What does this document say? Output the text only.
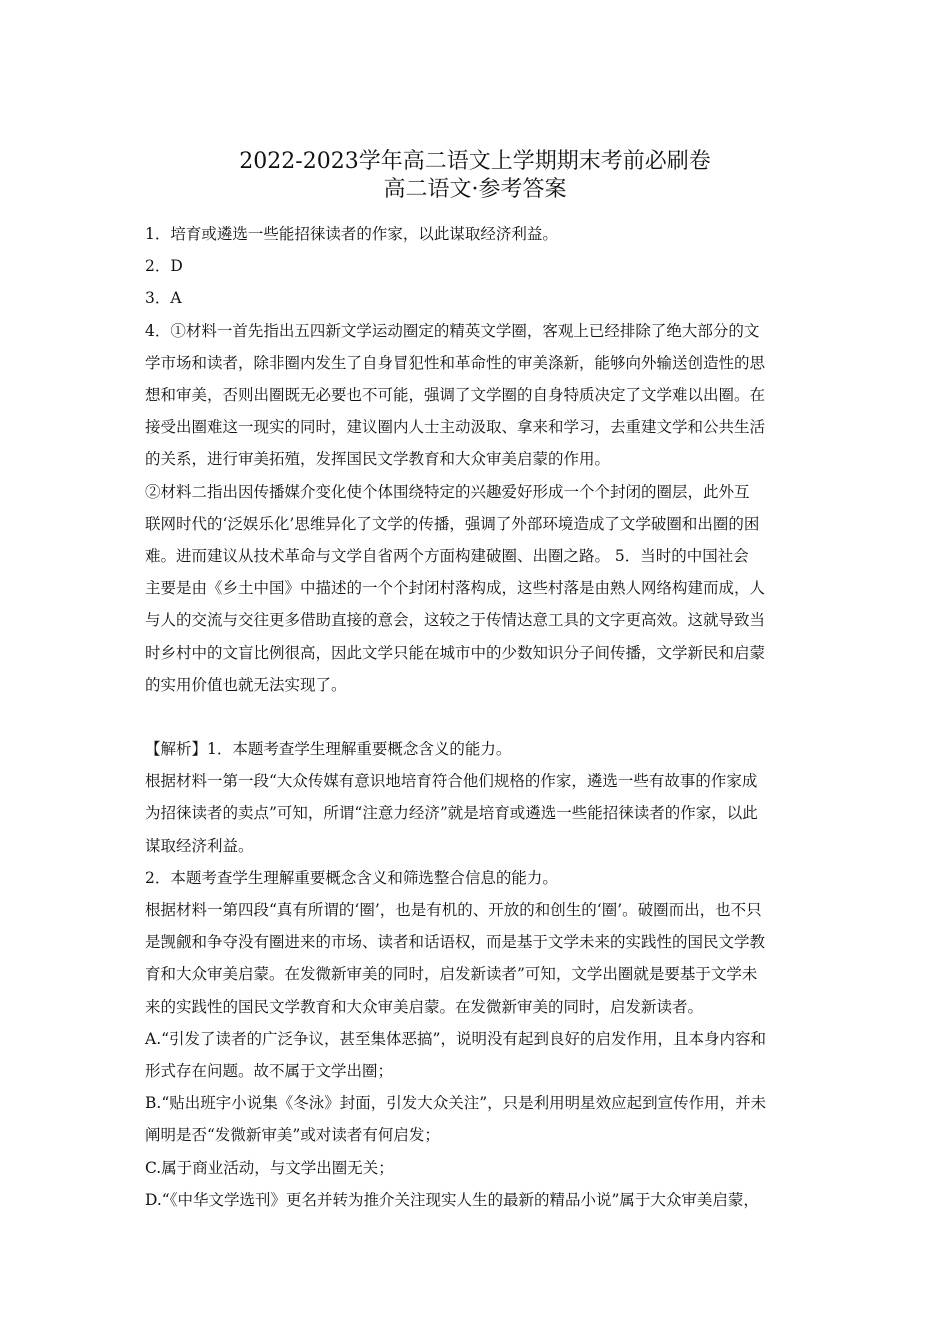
2022-2023学年高二语文上学期期末考前必刷卷
高二语文·参考答案

1．培育或遴选一些能招徕读者的作家，以此谋取经济利益。

2．D

3．A

4．①材料一首先指出五四新文学运动圈定的精英文学圈，客观上已经排除了绝大部分的文

学市场和读者，除非圈内发生了自身冒犯性和革命性的审美涤新，能够向外输送创造性的思

想和审美，否则出圈既无必要也不可能，强调了文学圈的自身特质决定了文学难以出圈。在

接受出圈难这一现实的同时，建议圈内人士主动汲取、拿来和学习，去重建文学和公共生活

的关系，进行审美拓殖，发挥国民文学教育和大众审美启蒙的作用。

②材料二指出因传播媒介变化使个体围绕特定的兴趣爱好形成一个个封闭的圈层，此外互

联网时代的‘泛娱乐化’思维异化了文学的传播，强调了外部环境造成了文学破圈和出圈的困

难。进而建议从技术革命与文学自省两个方面构建破圈、出圈之路。 5．当时的中国社会

主要是由《乡土中国》中描述的一个个封闭村落构成，这些村落是由熟人网络构建而成，人

与人的交流与交往更多借助直接的意会，这较之于传情达意工具的文字更高效。这就导致当

时乡村中的文盲比例很高，因此文学只能在城市中的少数知识分子间传播，文学新民和启蒙

的实用价值也就无法实现了。

【解析】1．本题考查学生理解重要概念含义的能力。

根据材料一第一段“大众传媒有意识地培育符合他们规格的作家，遴选一些有故事的作家成

为招徕读者的卖点”可知，所谓“注意力经济”就是培育或遴选一些能招徕读者的作家，以此

谋取经济利益。

2．本题考查学生理解重要概念含义和筛选整合信息的能力。

根据材料一第四段“真有所谓的‘圈’，也是有机的、开放的和创生的‘圈’。破圈而出，也不只

是觊觎和争夺没有圈进来的市场、读者和话语权，而是基于文学未来的实践性的国民文学教

育和大众审美启蒙。在发微新审美的同时，启发新读者”可知，文学出圈就是要基于文学未

来的实践性的国民文学教育和大众审美启蒙。在发微新审美的同时，启发新读者。

A.“引发了读者的广泛争议，甚至集体恶搞”，说明没有起到良好的启发作用，且本身内容和

形式存在问题。故不属于文学出圈；

B.“贴出班宇小说集《冬泳》封面，引发大众关注”，只是利用明星效应起到宣传作用，并未

阐明是否“发微新审美”或对读者有何启发；

C.属于商业活动，与文学出圈无关；

D.“《中华文学选刊》更名并转为推介关注现实人生的最新的精品小说”属于大众审美启蒙，
